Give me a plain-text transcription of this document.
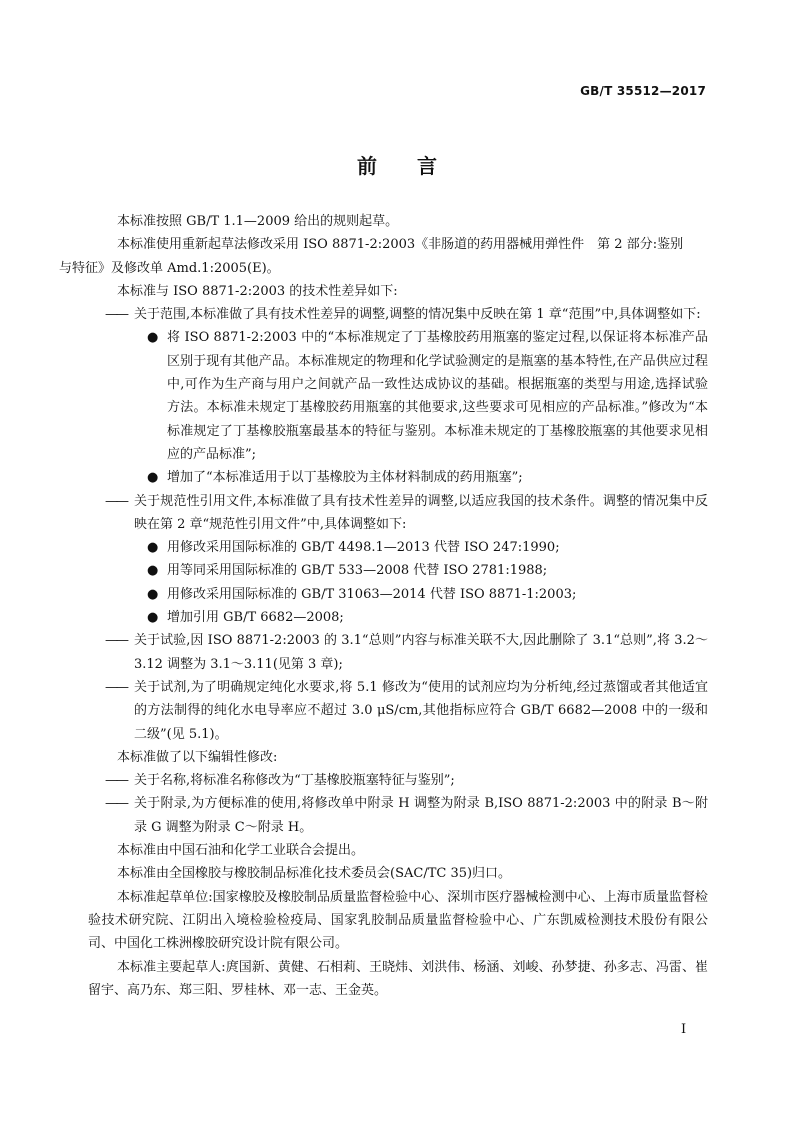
GB/T 35512—2017
前言

本标准按照 GB/T 1.1—2009 给出的规则起草。

本标准使用重新起草法修改采用 ISO 8871-2:2003《非肠道的药用器械用弹性件　第 2 部分:鉴别
与特征》及修改单 Amd.1:2005(E)。

本标准与 ISO 8871-2:2003 的技术性差异如下:

—— 关于范围,本标准做了具有技术性差异的调整,调整的情况集中反映在第 1 章“范围”中,具体调整如下:
● 将 ISO 8871-2:2003 中的“本标准规定了丁基橡胶药用瓶塞的鉴定过程,以保证将本标准产品区别于现有其他产品。本标准规定的物理和化学试验测定的是瓶塞的基本特性,在产品供应过程中,可作为生产商与用户之间就产品一致性达成协议的基础。根据瓶塞的类型与用途,选择试验方法。本标准未规定丁基橡胶药用瓶塞的其他要求,这些要求可见相应的产品标准。”修改为“本标准规定了丁基橡胶瓶塞最基本的特征与鉴别。本标准未规定的丁基橡胶瓶塞的其他要求见相应的产品标准”;
● 增加了“本标准适用于以丁基橡胶为主体材料制成的药用瓶塞”;
—— 关于规范性引用文件,本标准做了具有技术性差异的调整,以适应我国的技术条件。调整的情况集中反映在第 2 章“规范性引用文件”中,具体调整如下:
● 用修改采用国际标准的 GB/T 4498.1—2013 代替 ISO 247:1990;
● 用等同采用国际标准的 GB/T 533—2008 代替 ISO 2781:1988;
● 用修改采用国际标准的 GB/T 31063—2014 代替 ISO 8871-1:2003;
● 增加引用 GB/T 6682—2008;
—— 关于试验,因 ISO 8871-2:2003 的 3.1“总则”内容与标准关联不大,因此删除了 3.1“总则”,将 3.2～3.12 调整为 3.1～3.11(见第 3 章);
—— 关于试剂,为了明确规定纯化水要求,将 5.1 修改为“使用的试剂应均为分析纯,经过蒸馏或者其他适宜的方法制得的纯化水电导率应不超过 3.0 μS/cm,其他指标应符合 GB/T 6682—2008 中的一级和二级”(见 5.1)。

本标准做了以下编辑性修改:

—— 关于名称,将标准名称修改为“丁基橡胶瓶塞特征与鉴别”;
—— 关于附录,为方便标准的使用,将修改单中附录 H 调整为附录 B,ISO 8871-2:2003 中的附录 B～附录 G 调整为附录 C～附录 H。

本标准由中国石油和化学工业联合会提出。

本标准由全国橡胶与橡胶制品标准化技术委员会(SAC/TC 35)归口。

本标准起草单位:国家橡胶及橡胶制品质量监督检验中心、深圳市医疗器械检测中心、上海市质量监督检验技术研究院、江阴出入境检验检疫局、国家乳胶制品质量监督检验中心、广东凯威检测技术股份有限公司、中国化工株洲橡胶研究设计院有限公司。

本标准主要起草人:庹国新、黄健、石相莉、王晓炜、刘洪伟、杨涵、刘峻、孙梦捷、孙多志、冯雷、崔留宇、高乃东、郑三阳、罗桂林、邓一志、王金英。

I
